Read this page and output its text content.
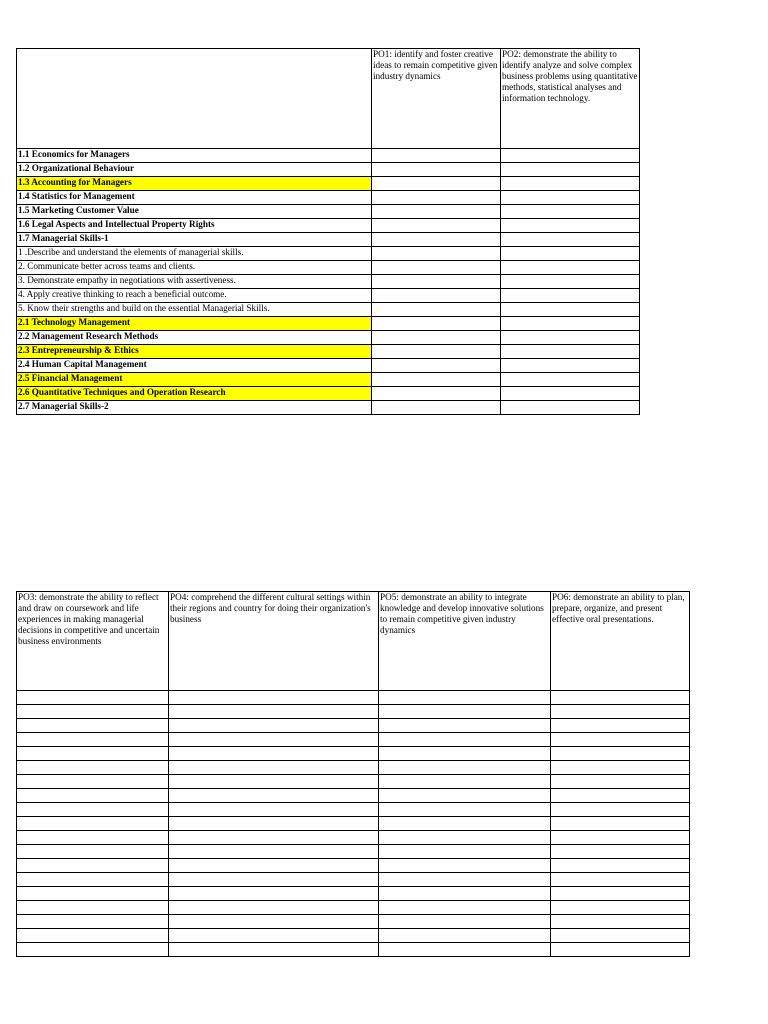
	PO1: identify and foster creative ideas to remain competitive given industry dynamics	PO2: demonstrate the ability to identify analyze and solve complex business problems using quantitative methods, statistical analyses and information technology.
1.1 Economics for Managers		
1.2 Organizational Behaviour		
1.3 Accounting for Managers		
1.4 Statistics for Management		
1.5 Marketing Customer Value		
1.6 Legal Aspects and Intellectual Property Rights		
1.7 Managerial Skills-1		
1 .Describe and understand the elements of managerial skills.		
2. Communicate better across teams and clients.		
3. Demonstrate empathy in negotiations with assertiveness.		
4. Apply creative thinking to reach a beneficial outcome.		
5. Know their strengths and build on the essential Managerial Skills.		
2.1 Technology Management		
2.2 Management Research Methods		
2.3 Entrepreneurship & Ethics		
2.4 Human Capital Management		
2.5 Financial Management		
2.6 Quantitative Techniques and Operation Research		
2.7 Managerial Skills-2		
PO3: demonstrate the ability to reflect and draw on coursework and life experiences in making managerial decisions in competitive and uncertain business environments	PO4: comprehend the different cultural settings within their regions and country for doing their organization's business	PO5: demonstrate an ability to integrate knowledge and develop innovative solutions to remain competitive given industry dynamics	PO6: demonstrate an ability to plan, prepare, organize, and present effective oral presentations.
